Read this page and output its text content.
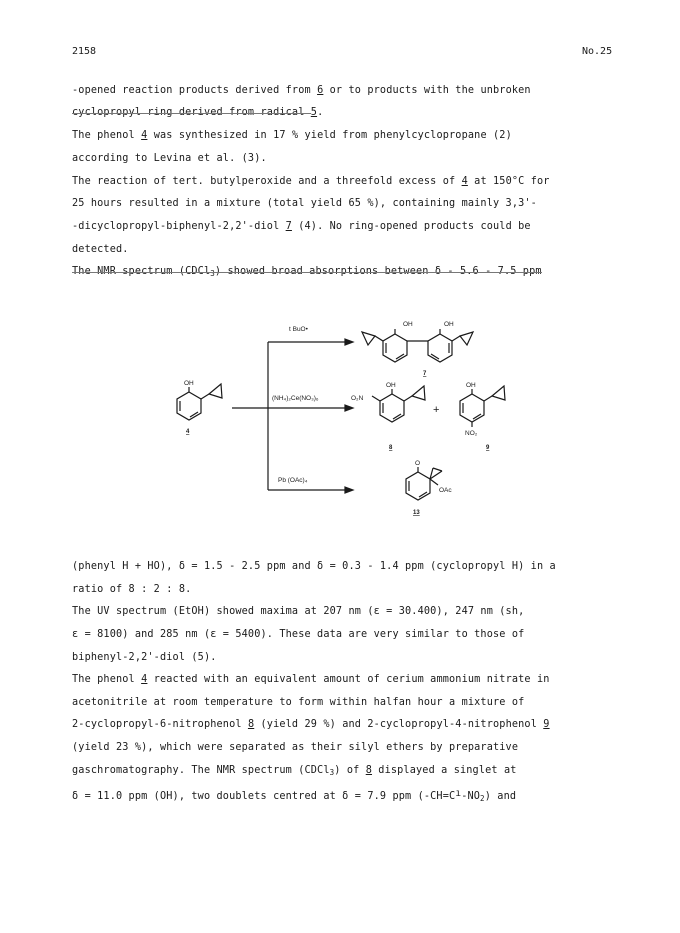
2158	No.25
-opened reaction products derived from 6 or to products with the unbroken
cyclopropyl ring derived from radical 5.
The phenol 4 was synthesized in 17 % yield from phenylcyclopropane (2)
according to Levina et al. (3).
The reaction of tert. butylperoxide and a threefold excess of 4 at 150°C for
25 hours resulted in a mixture (total yield 65 %), containing mainly 3,3'-
-dicyclopropyl-biphenyl-2,2'-diol 7 (4). No ring-opened products could be
detected.
The NMR spectrum (CDCl$_3$) showed broad absorptions between δ - 5.6 - 7.5 ppm
t BuO•
(NH₄)₂Ce(NO₃)₆
Pb (OAc)₄
OH
OH	OH
OH
O₂N
OH
NO₂
O
OAc
+
4
7
8	9
13
(phenyl H + HO), δ = 1.5 - 2.5 ppm and δ = 0.3 - 1.4 ppm (cyclopropyl H) in a
ratio of 8 : 2 : 8.
The UV spectrum (EtOH) showed maxima at 207 nm (ε = 30.400), 247 nm (sh,
ε = 8100) and 285 nm (ε = 5400). These data are very similar to those of
biphenyl-2,2'-diol (5).
The phenol 4 reacted with an equivalent amount of cerium ammonium nitrate in
acetonitrile at room temperature to form within halfan hour a mixture of
2-cyclopropyl-6-nitrophenol 8 (yield 29 %) and 2-cyclopropyl-4-nitrophenol 9
(yield 23 %), which were separated as their silyl ethers by preparative
gaschromatography. The NMR spectrum (CDCl$_3$) of 8 displayed a singlet at
δ = 11.0 ppm (OH), two doublets centred at δ = 7.9 ppm $(-CH=Cı-NO_2)$ and
